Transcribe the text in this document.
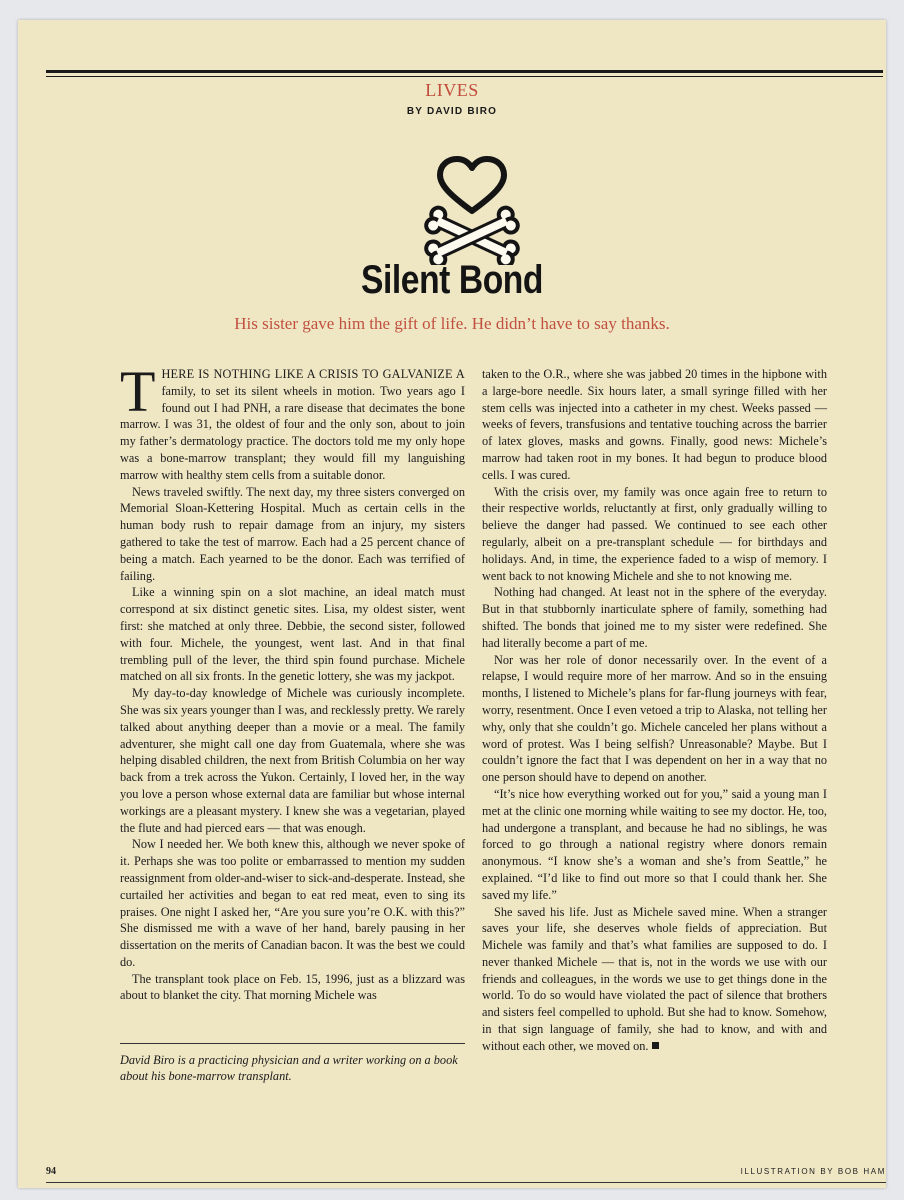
LIVES
BY DAVID BIRO
Silent Bond
His sister gave him the gift of life. He didn’t have to say thanks.

THERE IS NOTHING LIKE A CRISIS TO GALVANIZE A family, to set its silent wheels in motion. Two years ago I found out I had PNH, a rare disease that decimates the bone marrow. I was 31, the oldest of four and the only son, about to join my father’s dermatology practice. The doctors told me my only hope was a bone-marrow transplant; they would fill my languishing marrow with healthy stem cells from a suitable donor.

News traveled swiftly. The next day, my three sisters converged on Memorial Sloan-Kettering Hospital. Much as certain cells in the human body rush to repair damage from an injury, my sisters gathered to take the test of marrow. Each had a 25 percent chance of being a match. Each yearned to be the donor. Each was terrified of failing.

Like a winning spin on a slot machine, an ideal match must correspond at six distinct genetic sites. Lisa, my oldest sister, went first: she matched at only three. Debbie, the second sister, followed with four. Michele, the youngest, went last. And in that final trembling pull of the lever, the third spin found purchase. Michele matched on all six fronts. In the genetic lottery, she was my jackpot.

My day-to-day knowledge of Michele was curiously incomplete. She was six years younger than I was, and recklessly pretty. We rarely talked about anything deeper than a movie or a meal. The family adventurer, she might call one day from Guatemala, where she was helping disabled children, the next from British Columbia on her way back from a trek across the Yukon. Certainly, I loved her, in the way you love a person whose external data are familiar but whose internal workings are a pleasant mystery. I knew she was a vegetarian, played the flute and had pierced ears — that was enough.

Now I needed her. We both knew this, although we never spoke of it. Perhaps she was too polite or embarrassed to mention my sudden reassignment from older-and-wiser to sick-and-desperate. Instead, she curtailed her activities and began to eat red meat, even to sing its praises. One night I asked her, “Are you sure you’re O.K. with this?” She dismissed me with a wave of her hand, barely pausing in her dissertation on the merits of Canadian bacon. It was the best we could do.

The transplant took place on Feb. 15, 1996, just as a blizzard was about to blanket the city. That morning Michele was

David Biro is a practicing physician and a writer working on a book about his bone-marrow transplant.

taken to the O.R., where she was jabbed 20 times in the hipbone with a large-bore needle. Six hours later, a small syringe filled with her stem cells was injected into a catheter in my chest. Weeks passed — weeks of fevers, transfusions and tentative touching across the barrier of latex gloves, masks and gowns. Finally, good news: Michele’s marrow had taken root in my bones. It had begun to produce blood cells. I was cured.

With the crisis over, my family was once again free to return to their respective worlds, reluctantly at first, only gradually willing to believe the danger had passed. We continued to see each other regularly, albeit on a pre-transplant schedule — for birthdays and holidays. And, in time, the experience faded to a wisp of memory. I went back to not knowing Michele and she to not knowing me.

Nothing had changed. At least not in the sphere of the everyday. But in that stubbornly inarticulate sphere of family, something had shifted. The bonds that joined me to my sister were redefined. She had literally become a part of me.

Nor was her role of donor necessarily over. In the event of a relapse, I would require more of her marrow. And so in the ensuing months, I listened to Michele’s plans for far-flung journeys with fear, worry, resentment. Once I even vetoed a trip to Alaska, not telling her why, only that she couldn’t go. Michele canceled her plans without a word of protest. Was I being selfish? Unreasonable? Maybe. But I couldn’t ignore the fact that I was dependent on her in a way that no one person should have to depend on another.

“It’s nice how everything worked out for you,” said a young man I met at the clinic one morning while waiting to see my doctor. He, too, had undergone a transplant, and because he had no siblings, he was forced to go through a national registry where donors remain anonymous. “I know she’s a woman and she’s from Seattle,” he explained. “I’d like to find out more so that I could thank her. She saved my life.”

She saved his life. Just as Michele saved mine. When a stranger saves your life, she deserves whole fields of appreciation. But Michele was family and that’s what families are supposed to do. I never thanked Michele — that is, not in the words we use with our friends and colleagues, in the words we use to get things done in the world. To do so would have violated the pact of silence that brothers and sisters feel compelled to uphold. But she had to know. Somehow, in that sign language of family, she had to know, and with and without each other, we moved on.

94	ILLUSTRATION BY BOB HAM
